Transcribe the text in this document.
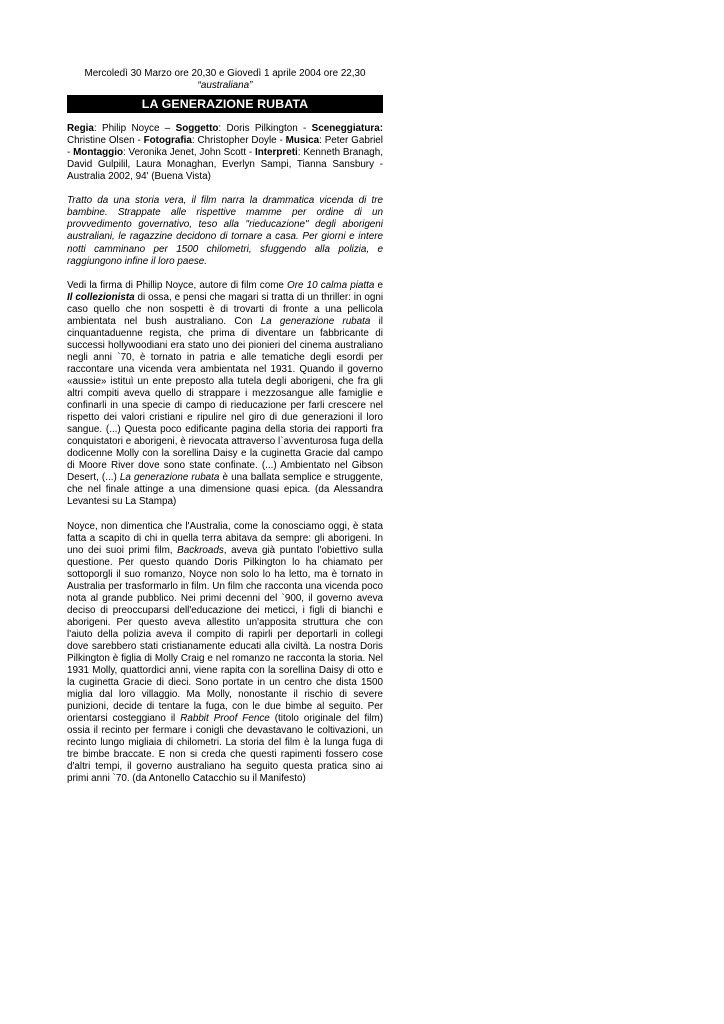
Mercoledì 30 Marzo ore 20,30 e Giovedì 1 aprile 2004 ore 22,30

“australiana”

LA GENERAZIONE RUBATA

Regia: Philip Noyce – Soggetto: Doris Pilkington - Sceneggiatura: Christine Olsen - Fotografia: Christopher Doyle - Musica: Peter Gabriel - Montaggio: Veronika Jenet, John Scott - Interpreti: Kenneth Branagh, David Gulpilil, Laura Monaghan, Everlyn Sampi, Tianna Sansbury - Australia 2002, 94' (Buena Vista)

Tratto da una storia vera, il film narra la drammatica vicenda di tre bambine. Strappate alle rispettive mamme per ordine di un provvedimento governativo, teso alla "rieducazione" degli aborigeni australiani, le ragazzine decidono di tornare a casa. Per giorni e intere notti camminano per 1500 chilometri, sfuggendo alla polizia, e raggiungono infine il loro paese.

Vedi la firma di Phillip Noyce, autore di film come Ore 10 calma piatta e Il collezionista di ossa, e pensi che magari si tratta di un thriller: in ogni caso quello che non sospetti è di trovarti di fronte a una pellicola ambientata nel bush australiano. Con La generazione rubata il cinquantaduenne regista, che prima di diventare un fabbricante di successi hollywoodiani era stato uno dei pionieri del cinema australiano negli anni `70, è tornato in patria e alle tematiche degli esordi per raccontare una vicenda vera ambientata nel 1931. Quando il governo «aussie» istituì un ente preposto alla tutela degli aborigeni, che fra gli altri compiti aveva quello di strappare i mezzosangue alle famiglie e confinarli in una specie di campo di rieducazione per farli crescere nel rispetto dei valori cristiani e ripulire nel giro di due generazioni il loro sangue. (...) Questa poco edificante pagina della storia dei rapporti fra conquistatori e aborigeni, è rievocata attraverso l`avventurosa fuga della dodicenne Molly con la sorellina Daisy e la cuginetta Gracie dal campo di Moore River dove sono state confinate. (...) Ambientato nel Gibson Desert, (...) La generazione rubata è una ballata semplice e struggente, che nel finale attinge a una dimensione quasi epica. (da Alessandra Levantesi su La Stampa)

Noyce, non dimentica che l'Australia, come la conosciamo oggi, è stata fatta a scapito di chi in quella terra abitava da sempre: gli aborigeni. In uno dei suoi primi film, Backroads, aveva già puntato l'obiettivo sulla questione. Per questo quando Doris Pilkington lo ha chiamato per sottoporgli il suo romanzo, Noyce non solo lo ha letto, ma è tornato in Australia per trasformarlo in film. Un film che racconta una vicenda poco nota al grande pubblico. Nei primi decenni del `900, il governo aveva deciso di preoccuparsi dell'educazione dei meticci, i figli di bianchi e aborigeni. Per questo aveva allestito un'apposita struttura che con l'aiuto della polizia aveva il compito di rapirli per deportarli in collegi dove sarebbero stati cristianamente educati alla civiltà. La nostra Doris Pilkington è figlia di Molly Craig e nel romanzo ne racconta la storia. Nel 1931 Molly, quattordici anni, viene rapita con la sorellina Daisy di otto e la cuginetta Gracie di dieci. Sono portate in un centro che dista 1500 miglia dal loro villaggio. Ma Molly, nonostante il rischio di severe punizioni, decide di tentare la fuga, con le due bimbe al seguito. Per orientarsi costeggiano il Rabbit Proof Fence (titolo originale del film) ossia il recinto per fermare i conigli che devastavano le coltivazioni, un recinto lungo migliaia di chilometri. La storia del film è la lunga fuga di tre bimbe braccate. E non si creda che questi rapimenti fossero cose d'altri tempi, il governo australiano ha seguito questa pratica sino ai primi anni `70. (da Antonello Catacchio su il Manifesto)
